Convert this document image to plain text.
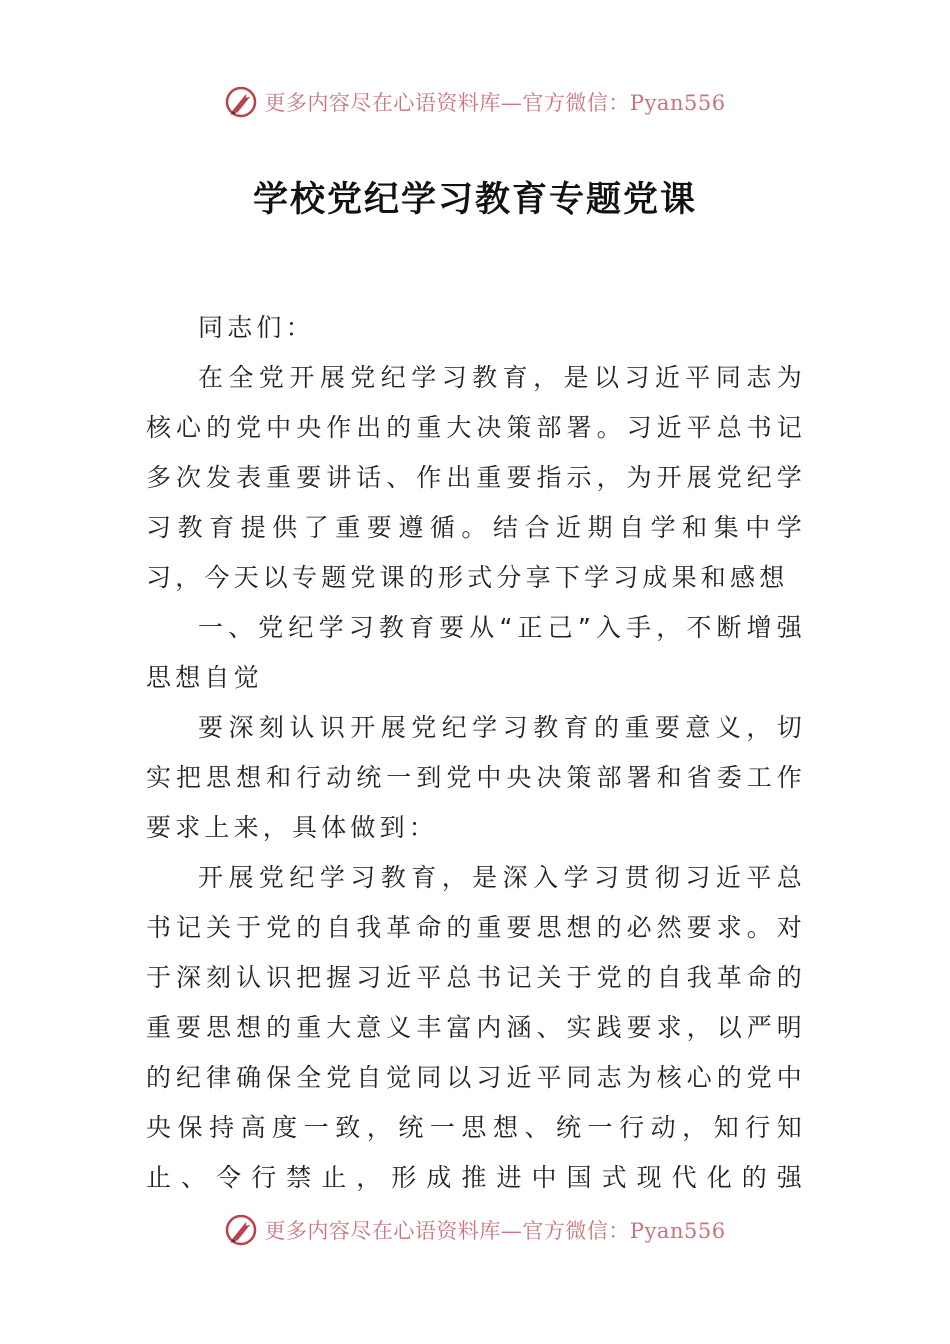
更多内容尽在心语资料库—官方微信：Pyan556
学校党纪学习教育专题党课

同志们：

在全党开展党纪学习教育，是以习近平同志为核心的党中央作出的重大决策部署。习近平总书记多次发表重要讲话、作出重要指示，为开展党纪学习教育提供了重要遵循。结合近期自学和集中学习，今天以专题党课的形式分享下学习成果和感想

一、党纪学习教育要从“正己”入手，不断增强思想自觉

要深刻认识开展党纪学习教育的重要意义，切实把思想和行动统一到党中央决策部署和省委工作要求上来，具体做到：

开展党纪学习教育，是深入学习贯彻习近平总书记关于党的自我革命的重要思想的必然要求。对于深刻认识把握习近平总书记关于党的自我革命的重要思想的重大意义丰富内涵、实践要求，以严明的纪律确保全党自觉同以习近平同志为核心的党中央保持高度一致，统一思想、统一行动，知行知止、令行禁止，形成推进中国式现代化的强

更多内容尽在心语资料库—官方微信：Pyan556
